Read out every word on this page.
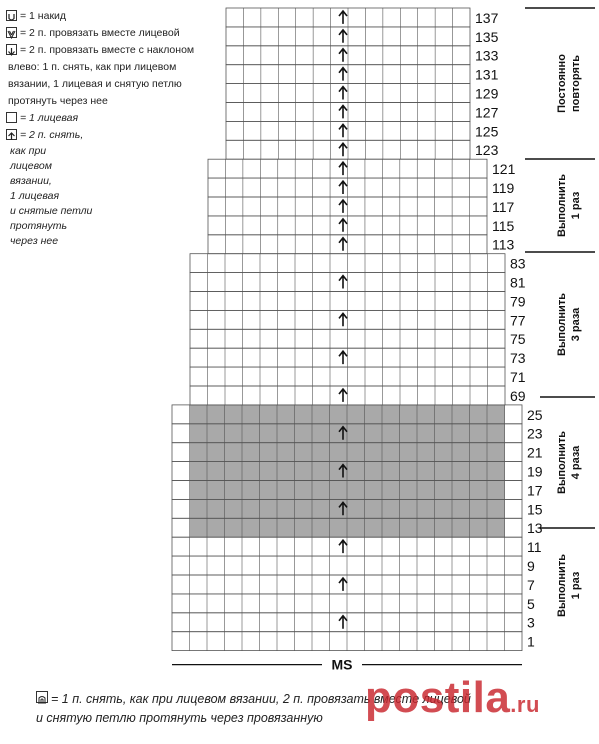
= 1 накид
= 2 п. провязать вместе лицевой
= 2 п. провязать вместе с наклоном
влево: 1 п. снять, как при лицевом
вязании, 1 лицевая и снятую петлю
протянуть через нее
= 1 лицевая
= 2 п. снять,
как при
лицевом
вязании,
1 лицевая
и снятые петли
протянуть
через нее
137
135
133
131
129
127
125
123
121
119
117
115
113
83
81
79
77
75
73
71
69
25
23
21
19
17
15
13
11
9
7
5
3
1
Постоянно повторять
Выполнить 1 раз
Выполнить 3 раза
Выполнить 4 раза
Выполнить 1 раз
MS
= 1 п. снять, как при лицевом вязании, 2 п. провязать вместе лицевой
и снятую петлю протянуть через провязанную postila.ru
